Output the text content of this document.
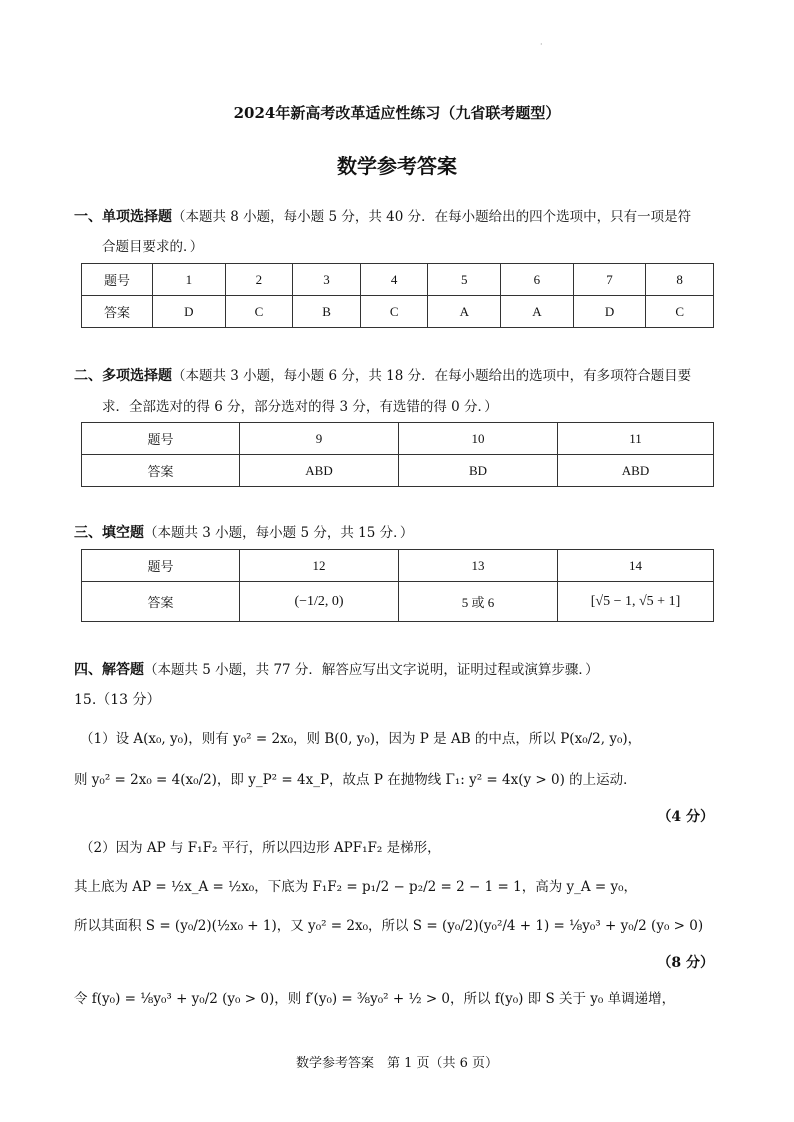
·
2024年新高考改革适应性练习（九省联考题型）
数学参考答案
一、单项选择题（本题共 8 小题，每小题 5 分，共 40 分．在每小题给出的四个选项中，只有一项是符
合题目要求的．）
题号	1	2	3	4	5	6	7	8
答案	D	C	B	C	A	A	D	C
二、多项选择题（本题共 3 小题，每小题 6 分，共 18 分．在每小题给出的选项中，有多项符合题目要
求．全部选对的得 6 分，部分选对的得 3 分，有选错的得 0 分．）
题号	9	10	11
答案	ABD	BD	ABD
三、填空题（本题共 3 小题，每小题 5 分，共 15 分．）
题号	12	13	14
答案	(−1/2, 0)	5 或 6	[√5 − 1, √5 + 1]
四、解答题（本题共 5 小题，共 77 分．解答应写出文字说明，证明过程或演算步骤．）
15.（13 分）
（1）设 A(x₀, y₀)，则有 y₀² = 2x₀，则 B(0, y₀)，因为 P 是 AB 的中点，所以 P(x₀/2, y₀)，
则 y₀² = 2x₀ = 4(x₀/2)，即 y_P² = 4x_P，故点 P 在抛物线 Γ₁: y² = 4x(y > 0) 的上运动．
（4 分）
（2）因为 AP 与 F₁F₂ 平行，所以四边形 APF₁F₂ 是梯形，
其上底为 AP = ½x_A = ½x₀，下底为 F₁F₂ = p₁/2 − p₂/2 = 2 − 1 = 1，高为 y_A = y₀，
所以其面积 S = (y₀/2)(½x₀ + 1)，又 y₀² = 2x₀，所以 S = (y₀/2)(y₀²/4 + 1) = ⅛y₀³ + y₀/2 (y₀ > 0)
（8 分）
令 f(y₀) = ⅛y₀³ + y₀/2 (y₀ > 0)，则 f′(y₀) = ⅜y₀² + ½ > 0，所以 f(y₀) 即 S 关于 y₀ 单调递增，
数学参考答案　第 1 页（共 6 页）
